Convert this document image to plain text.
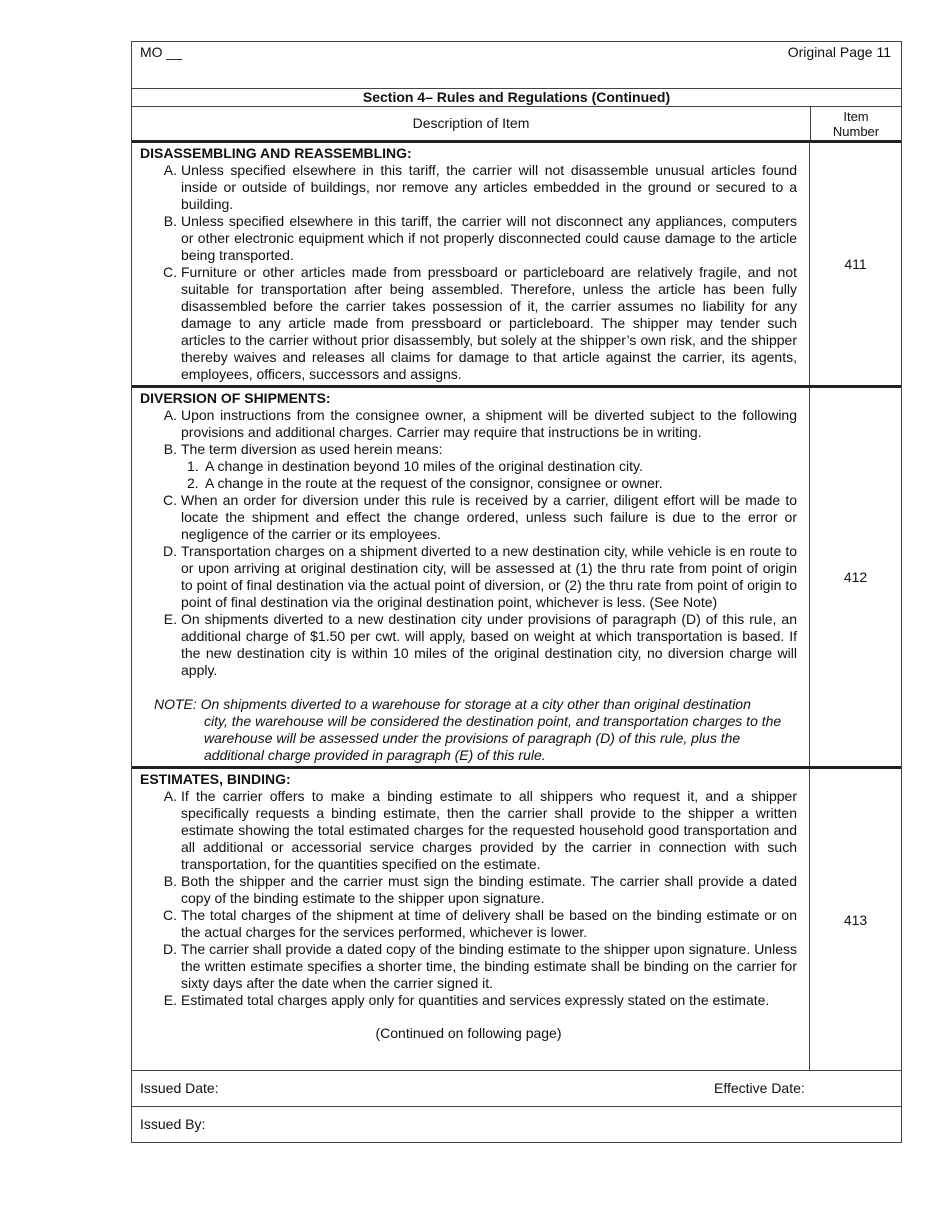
MO __	Original Page 11
Section 4– Rules and Regulations (Continued)
Description of Item	Item
Number
DISASSEMBLING AND REASSEMBLING:
A. Unless specified elsewhere in this tariff, the carrier will not disassemble unusual articles found inside or outside of buildings, nor remove any articles embedded in the ground or secured to a building.
B. Unless specified elsewhere in this tariff, the carrier will not disconnect any appliances, computers or other electronic equipment which if not properly disconnected could cause damage to the article being transported.
C. Furniture or other articles made from pressboard or particleboard are relatively fragile, and not suitable for transportation after being assembled. Therefore, unless the article has been fully disassembled before the carrier takes possession of it, the carrier assumes no liability for any damage to any article made from pressboard or particleboard. The shipper may tender such articles to the carrier without prior disassembly, but solely at the shipper’s own risk, and the shipper thereby waives and releases all claims for damage to that article against the carrier, its agents, employees, officers, successors and assigns.
411
DIVERSION OF SHIPMENTS:
A. Upon instructions from the consignee owner, a shipment will be diverted subject to the following provisions and additional charges. Carrier may require that instructions be in writing.
B. The term diversion as used herein means:
1. A change in destination beyond 10 miles of the original destination city.
2. A change in the route at the request of the consignor, consignee or owner.
C. When an order for diversion under this rule is received by a carrier, diligent effort will be made to locate the shipment and effect the change ordered, unless such failure is due to the error or negligence of the carrier or its employees.
D. Transportation charges on a shipment diverted to a new destination city, while vehicle is en route to or upon arriving at original destination city, will be assessed at (1) the thru rate from point of origin to point of final destination via the actual point of diversion, or (2) the thru rate from point of origin to point of final destination via the original destination point, whichever is less. (See Note)
E. On shipments diverted to a new destination city under provisions of paragraph (D) of this rule, an additional charge of $1.50 per cwt. will apply, based on weight at which transportation is based. If the new destination city is within 10 miles of the original destination city, no diversion charge will apply.
NOTE: On shipments diverted to a warehouse for storage at a city other than original destination
city, the warehouse will be considered the destination point, and transportation charges to the warehouse will be assessed under the provisions of paragraph (D) of this rule, plus the additional charge provided in paragraph (E) of this rule.
412
ESTIMATES, BINDING:
A. If the carrier offers to make a binding estimate to all shippers who request it, and a shipper specifically requests a binding estimate, then the carrier shall provide to the shipper a written estimate showing the total estimated charges for the requested household good transportation and all additional or accessorial service charges provided by the carrier in connection with such transportation, for the quantities specified on the estimate.
B. Both the shipper and the carrier must sign the binding estimate. The carrier shall provide a dated copy of the binding estimate to the shipper upon signature.
C. The total charges of the shipment at time of delivery shall be based on the binding estimate or on the actual charges for the services performed, whichever is lower.
D. The carrier shall provide a dated copy of the binding estimate to the shipper upon signature. Unless the written estimate specifies a shorter time, the binding estimate shall be binding on the carrier for sixty days after the date when the carrier signed it.
E. Estimated total charges apply only for quantities and services expressly stated on the estimate.
(Continued on following page)
413
Issued Date:	Effective Date:
Issued By:
